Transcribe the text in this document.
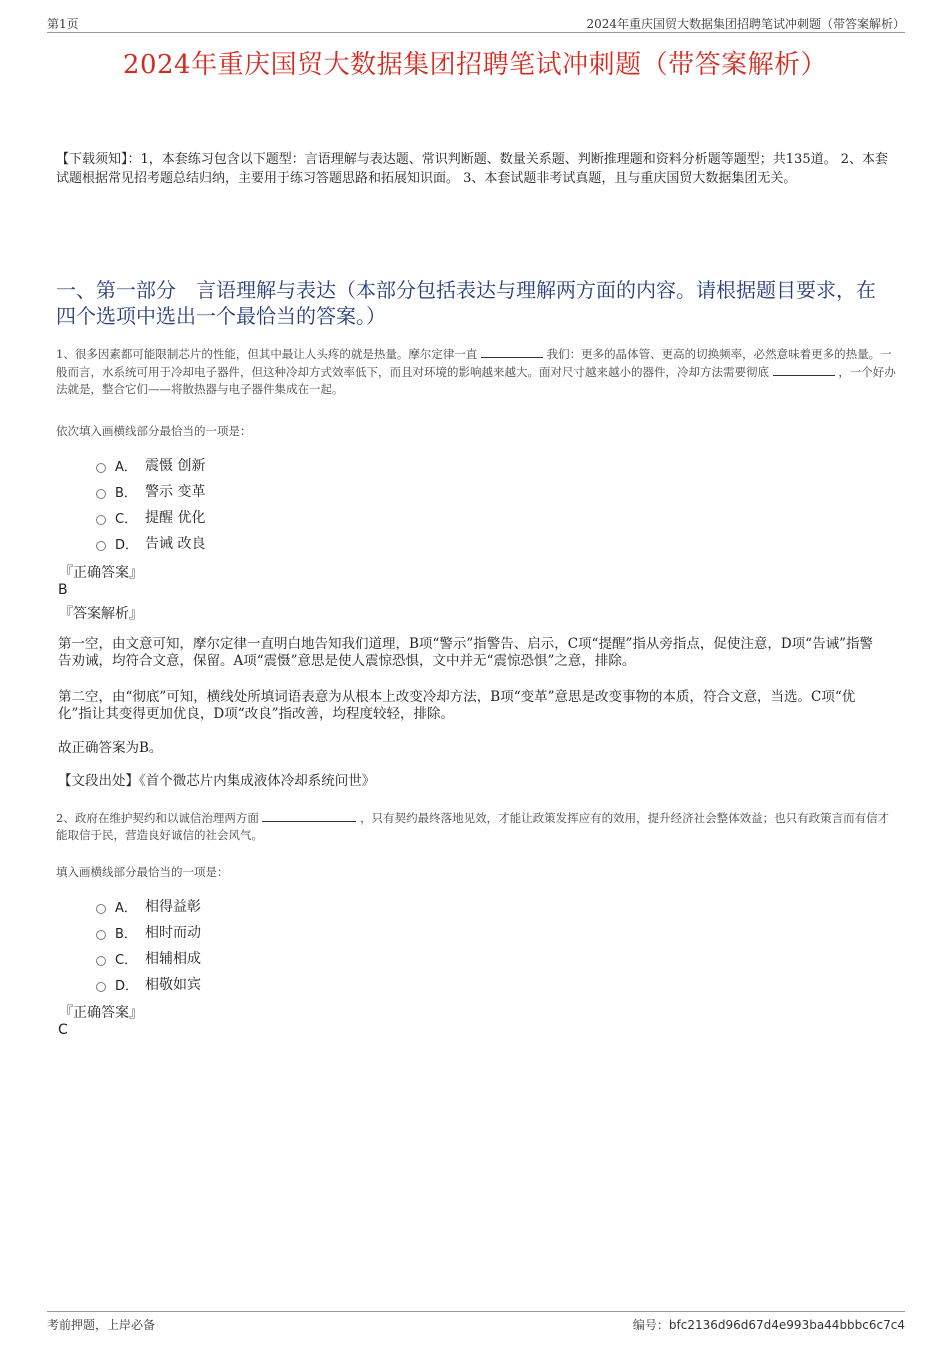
第1页	2024年重庆国贸大数据集团招聘笔试冲刺题（带答案解析）
2024年重庆国贸大数据集团招聘笔试冲刺题（带答案解析）
【下载须知】：1，本套练习包含以下题型：言语理解与表达题、常识判断题、数量关系题、判断推理题和资料分析题等题型；共135道。 2、本套试题根据常见招考题总结归纳，主要用于练习答题思路和拓展知识面。 3、本套试题非考试真题，且与重庆国贸大数据集团无关。
一、第一部分　言语理解与表达（本部分包括表达与理解两方面的内容。请根据题目要求，在四个选项中选出一个最恰当的答案。）
1、很多因素都可能限制芯片的性能，但其中最让人头疼的就是热量。摩尔定律一直	我们：更多的晶体管、更高的切换频率，必然意味着更多的热量。一般而言，水系统可用于冷却电子器件，但这种冷却方式效率低下，而且对环境的影响越来越大。面对尺寸越来越小的器件，冷却方法需要彻底	，一个好办法就是，整合它们——将散热器与电子器件集成在一起。
依次填入画横线部分最恰当的一项是：
A． 震慑 创新
B． 警示 变革
C． 提醒 优化
D． 告诫 改良
『正确答案』
B
『答案解析』
第一空，由文意可知，摩尔定律一直明白地告知我们道理，B项“警示”指警告、启示，C项“提醒”指从旁指点，促使注意，D项“告诫”指警告劝诫，均符合文意，保留。A项“震慑”意思是使人震惊恐惧，文中并无“震惊恐惧”之意，排除。
第二空，由“彻底”可知，横线处所填词语表意为从根本上改变冷却方法，B项“变革”意思是改变事物的本质，符合文意，当选。C项“优化”指让其变得更加优良，D项“改良”指改善，均程度较轻，排除。
故正确答案为B。
【文段出处】《首个微芯片内集成液体冷却系统问世》
2、政府在维护契约和以诚信治理两方面	，只有契约最终落地见效，才能让政策发挥应有的效用，提升经济社会整体效益；也只有政策言而有信才能取信于民，营造良好诚信的社会风气。
填入画横线部分最恰当的一项是：
A． 相得益彰
B． 相时而动
C． 相辅相成
D． 相敬如宾
『正确答案』
C
考前押题，上岸必备	编号：bfc2136d96d67d4e993ba44bbbc6c7c4
